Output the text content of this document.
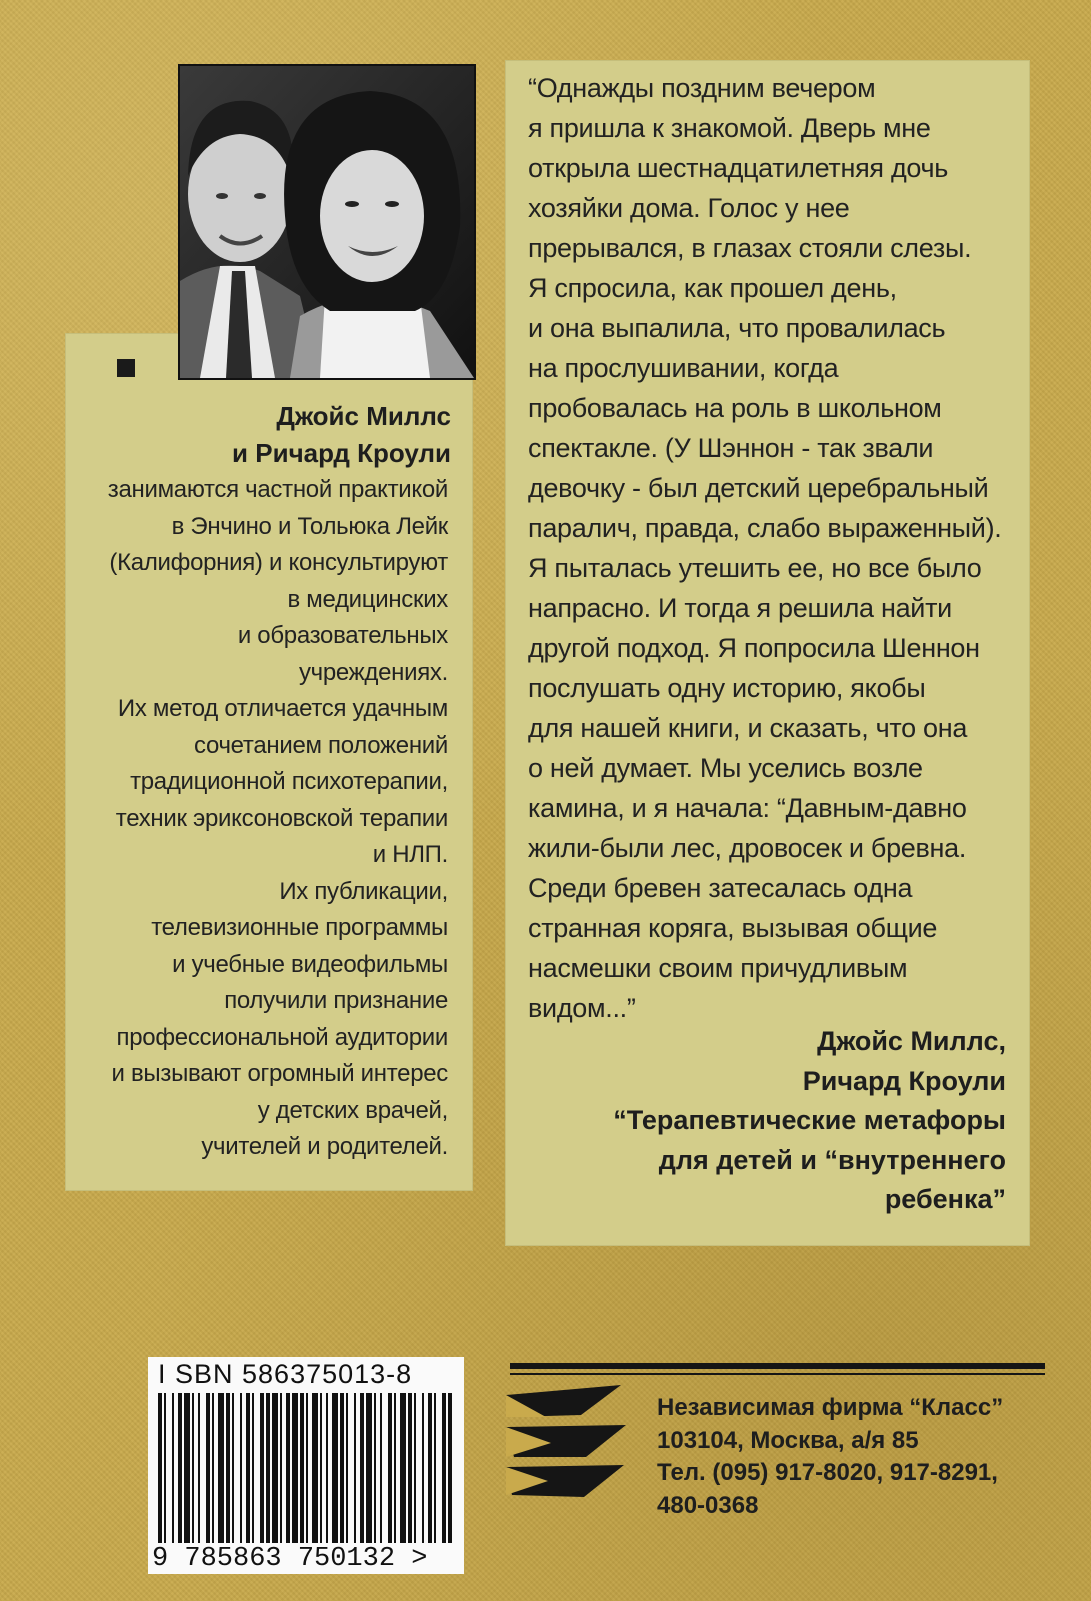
Джойс Миллс
и Ричард Кроули
занимаются частной практикой
в Энчино и Тольюка Лейк
(Калифорния) и консультируют
в медицинских
и образовательных
учреждениях.
Их метод отличается удачным
сочетанием положений
традиционной психотерапии,
техник эриксоновской терапии
и НЛП.
Их публикации,
телевизионные программы
и учебные видеофильмы
получили признание
профессиональной аудитории
и вызывают огромный интерес
у детских врачей,
учителей и родителей.
“Однажды поздним вечером
я пришла к знакомой. Дверь мне
открыла шестнадцатилетняя дочь
хозяйки дома. Голос у нее
прерывался, в глазах стояли слезы.
Я спросила, как прошел день,
и она выпалила, что провалилась
на прослушивании, когда
пробовалась на роль в школьном
спектакле. (У Шэннон - так звали
девочку - был детский церебральный
паралич, правда, слабо выраженный).
Я пыталась утешить ее, но все было
напрасно. И тогда я решила найти
другой подход. Я попросила Шеннон
послушать одну историю, якобы
для нашей книги, и сказать, что она
о ней думает. Мы уселись возле
камина, и я начала: “Давным-давно
жили-были лес, дровосек и бревна.
Среди бревен затесалась одна
странная коряга, вызывая общие
насмешки своим причудливым
видом...”
Джойс Миллс,
Ричард Кроули
“Терапевтические метафоры
для детей и “внутреннего
ребенка”
I SBN 586375013-8
9 785863 750132 >
Независимая фирма “Класс”
103104, Москва, а/я 85
Тел. (095) 917-8020, 917-8291,
480-0368
